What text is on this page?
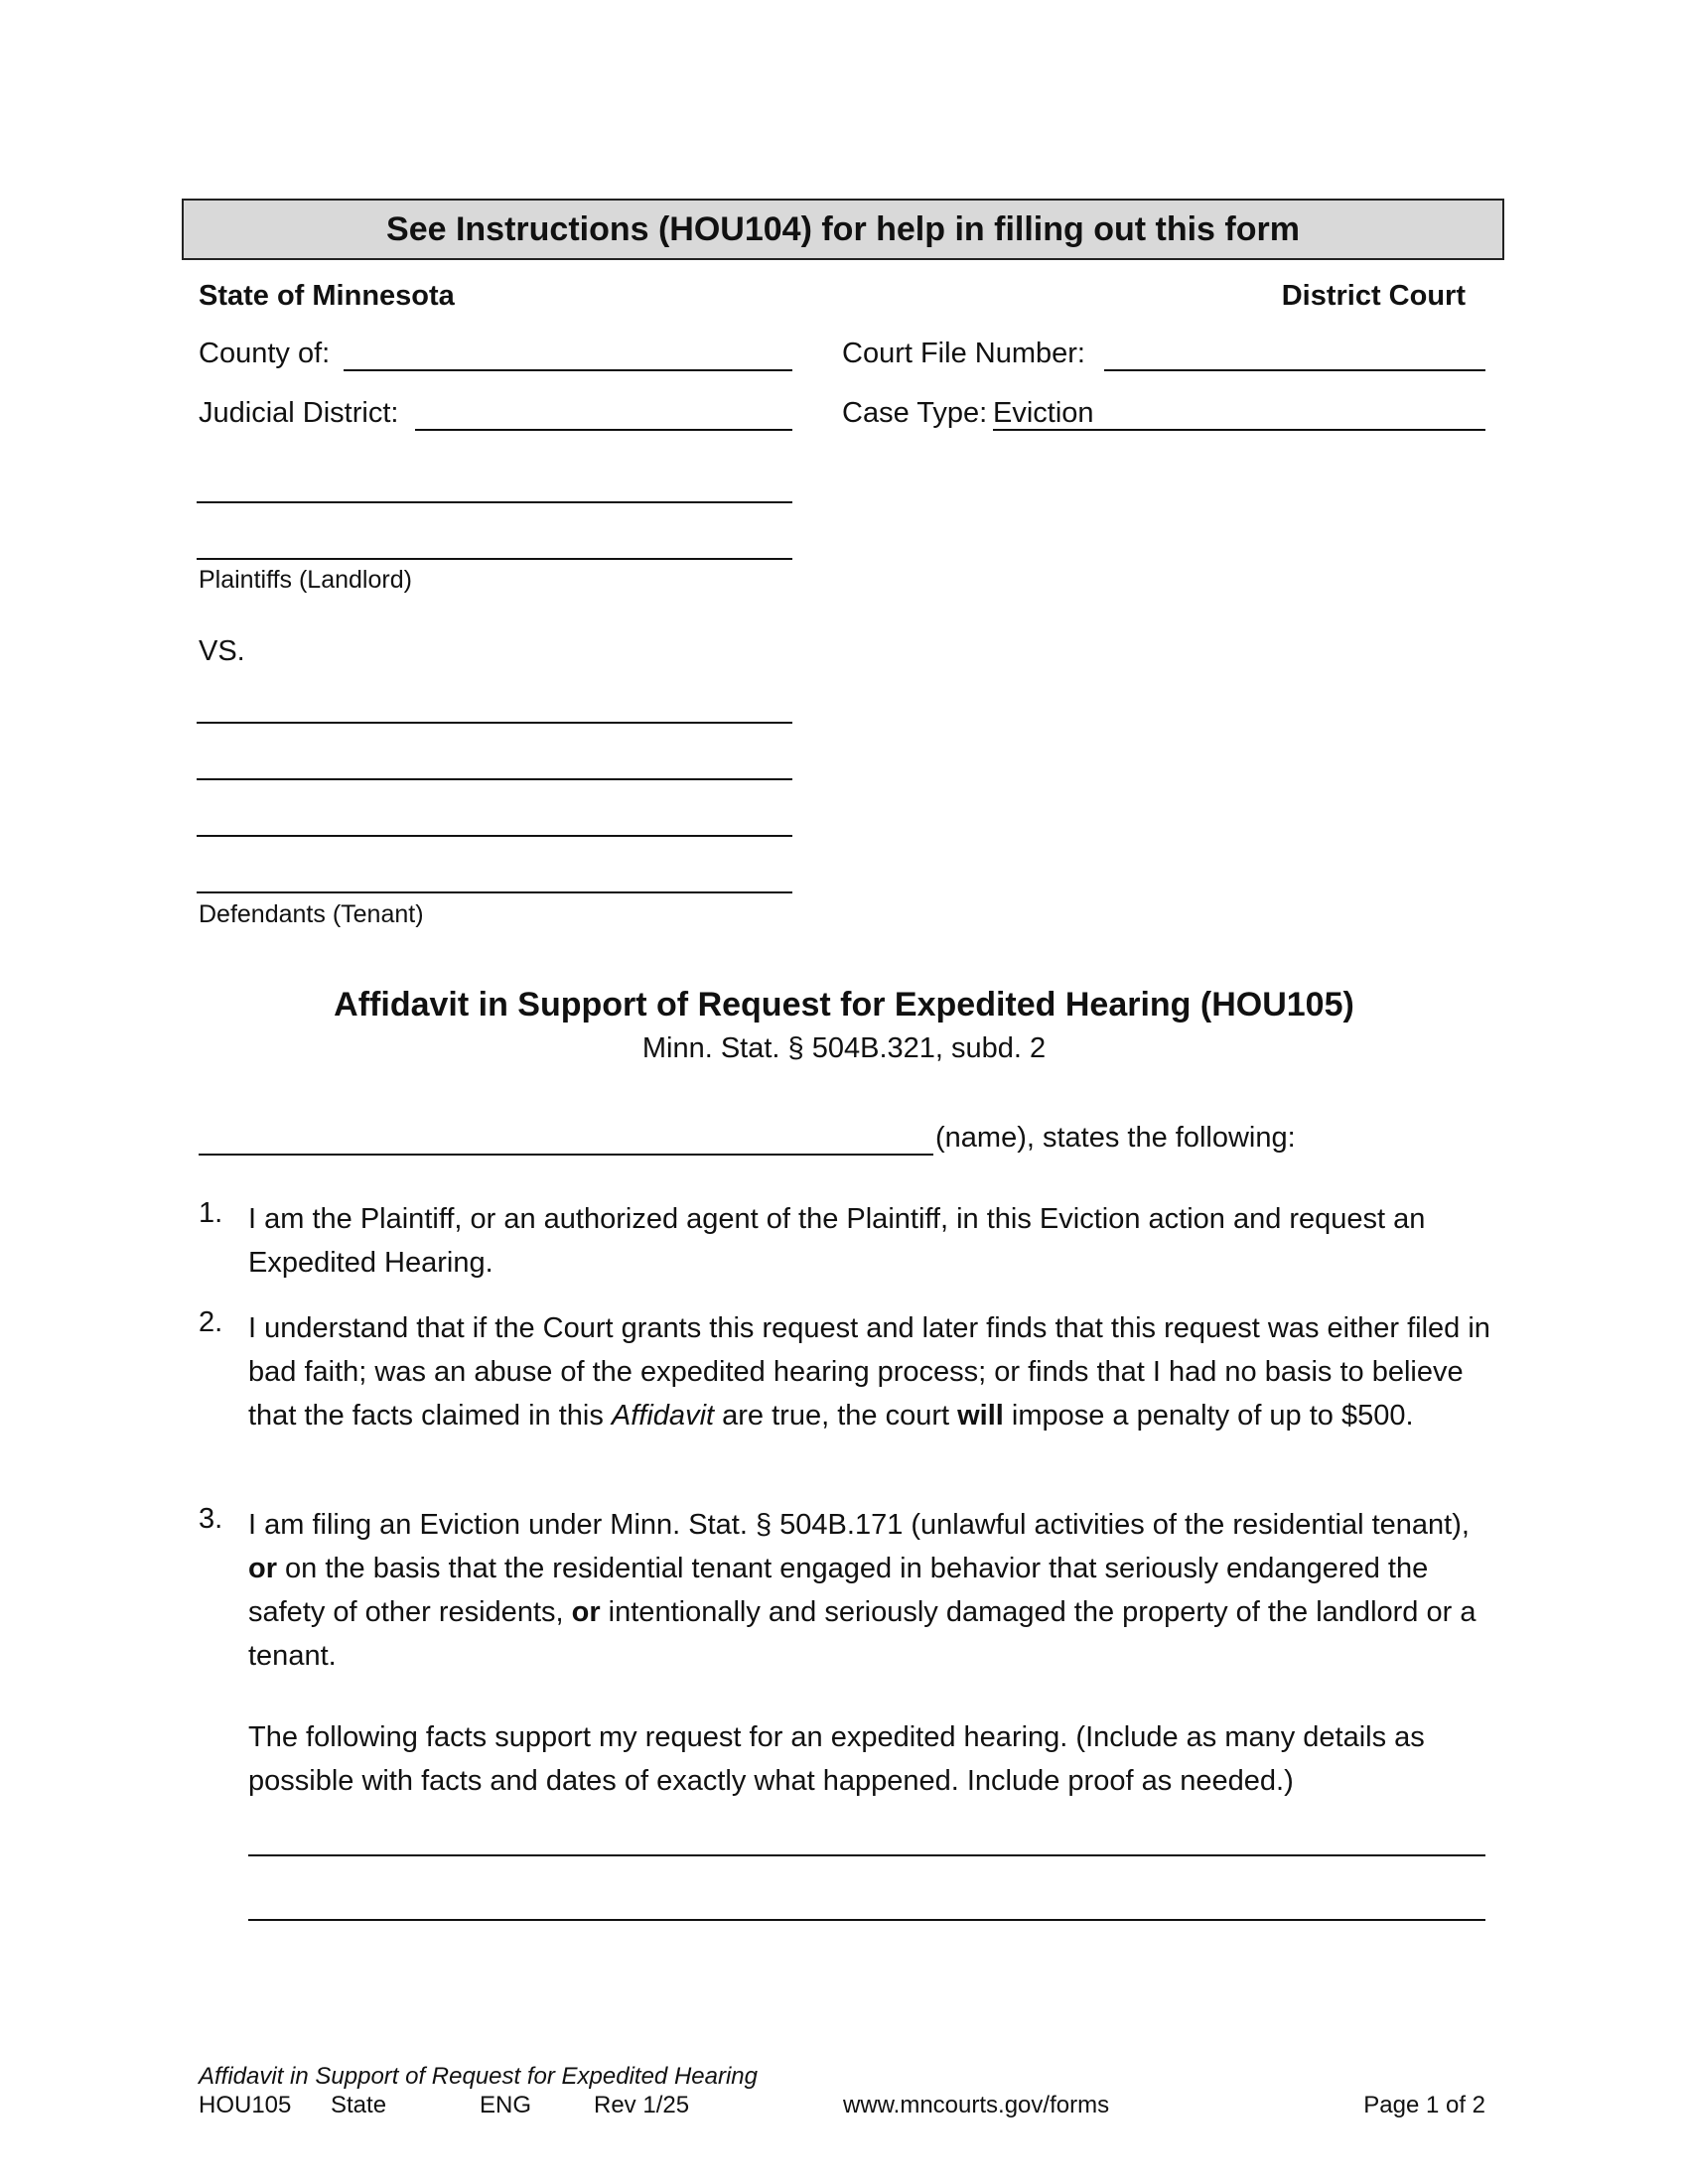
See Instructions (HOU104) for help in filling out this form
State of Minnesota	District Court
County of:	Court File Number:
Judicial District:	Case Type: Eviction
Plaintiffs (Landlord)
VS.
Defendants (Tenant)
Affidavit in Support of Request for Expedited Hearing (HOU105)
Minn. Stat. § 504B.321, subd. 2
(name), states the following:
1. I am the Plaintiff, or an authorized agent of the Plaintiff, in this Eviction action and request an Expedited Hearing.
2. I understand that if the Court grants this request and later finds that this request was either filed in bad faith; was an abuse of the expedited hearing process; or finds that I had no basis to believe that the facts claimed in this Affidavit are true, the court will impose a penalty of up to $500.
3. I am filing an Eviction under Minn. Stat. § 504B.171 (unlawful activities of the residential tenant), or on the basis that the residential tenant engaged in behavior that seriously endangered the safety of other residents, or intentionally and seriously damaged the property of the landlord or a tenant.
The following facts support my request for an expedited hearing. (Include as many details as possible with facts and dates of exactly what happened. Include proof as needed.)
Affidavit in Support of Request for Expedited Hearing
HOU105 State	ENG	Rev 1/25	www.mncourts.gov/forms	Page 1 of 2
